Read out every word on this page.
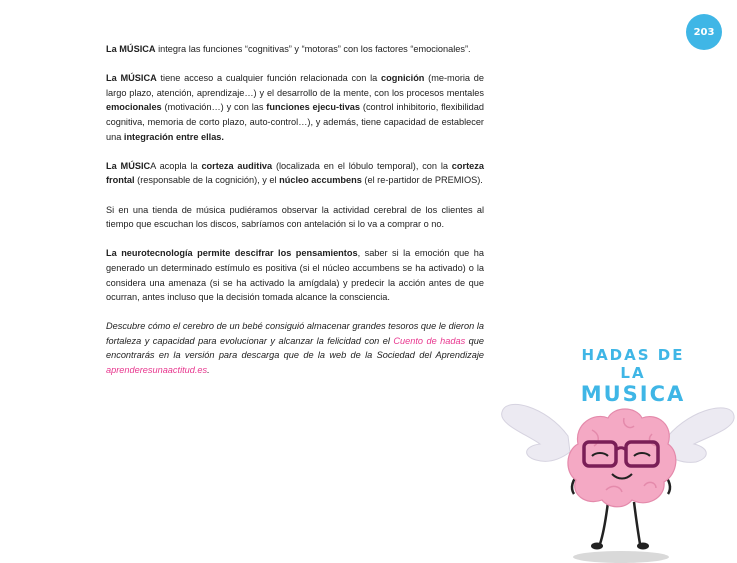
203

La MÚSICA integra las funciones “cognitivas” y “motoras” con los factores “emocionales”.

La MÚSICA tiene acceso a cualquier función relacionada con la cognición (me-moria de largo plazo, atención, aprendizaje…) y el desarrollo de la mente, con los procesos mentales emocionales (motivación…) y con las funciones ejecu-tivas (control inhibitorio, flexibilidad cognitiva, memoria de corto plazo, auto-control…), y además, tiene capacidad de establecer una integración entre ellas.

La MÚSICA acopla la corteza auditiva (localizada en el lóbulo temporal), con la corteza frontal (responsable de la cognición), y el núcleo accumbens (el re-partidor de PREMIOS).

Si en una tienda de música pudiéramos observar la actividad cerebral de los clientes al tiempo que escuchan los discos, sabríamos con antelación si lo va a comprar o no.

La neurotecnología permite descifrar los pensamientos, saber si la emoción que ha generado un determinado estímulo es positiva (si el núcleo accumbens se ha activado) o la considera una amenaza (si se ha activado la amígdala) y predecir la acción antes de que ocurran, antes incluso que la decisión tomada alcance la consciencia.

Descubre cómo el cerebro de un bebé consiguió almacenar grandes tesoros que le dieron la fortaleza y capacidad para evolucionar y alcanzar la felicidad con el Cuento de hadas que encontrarás en la versión para descarga que de la web de la Sociedad del Aprendizaje aprenderesunaactitud.es.

HADAS DE LA
MUSICA
